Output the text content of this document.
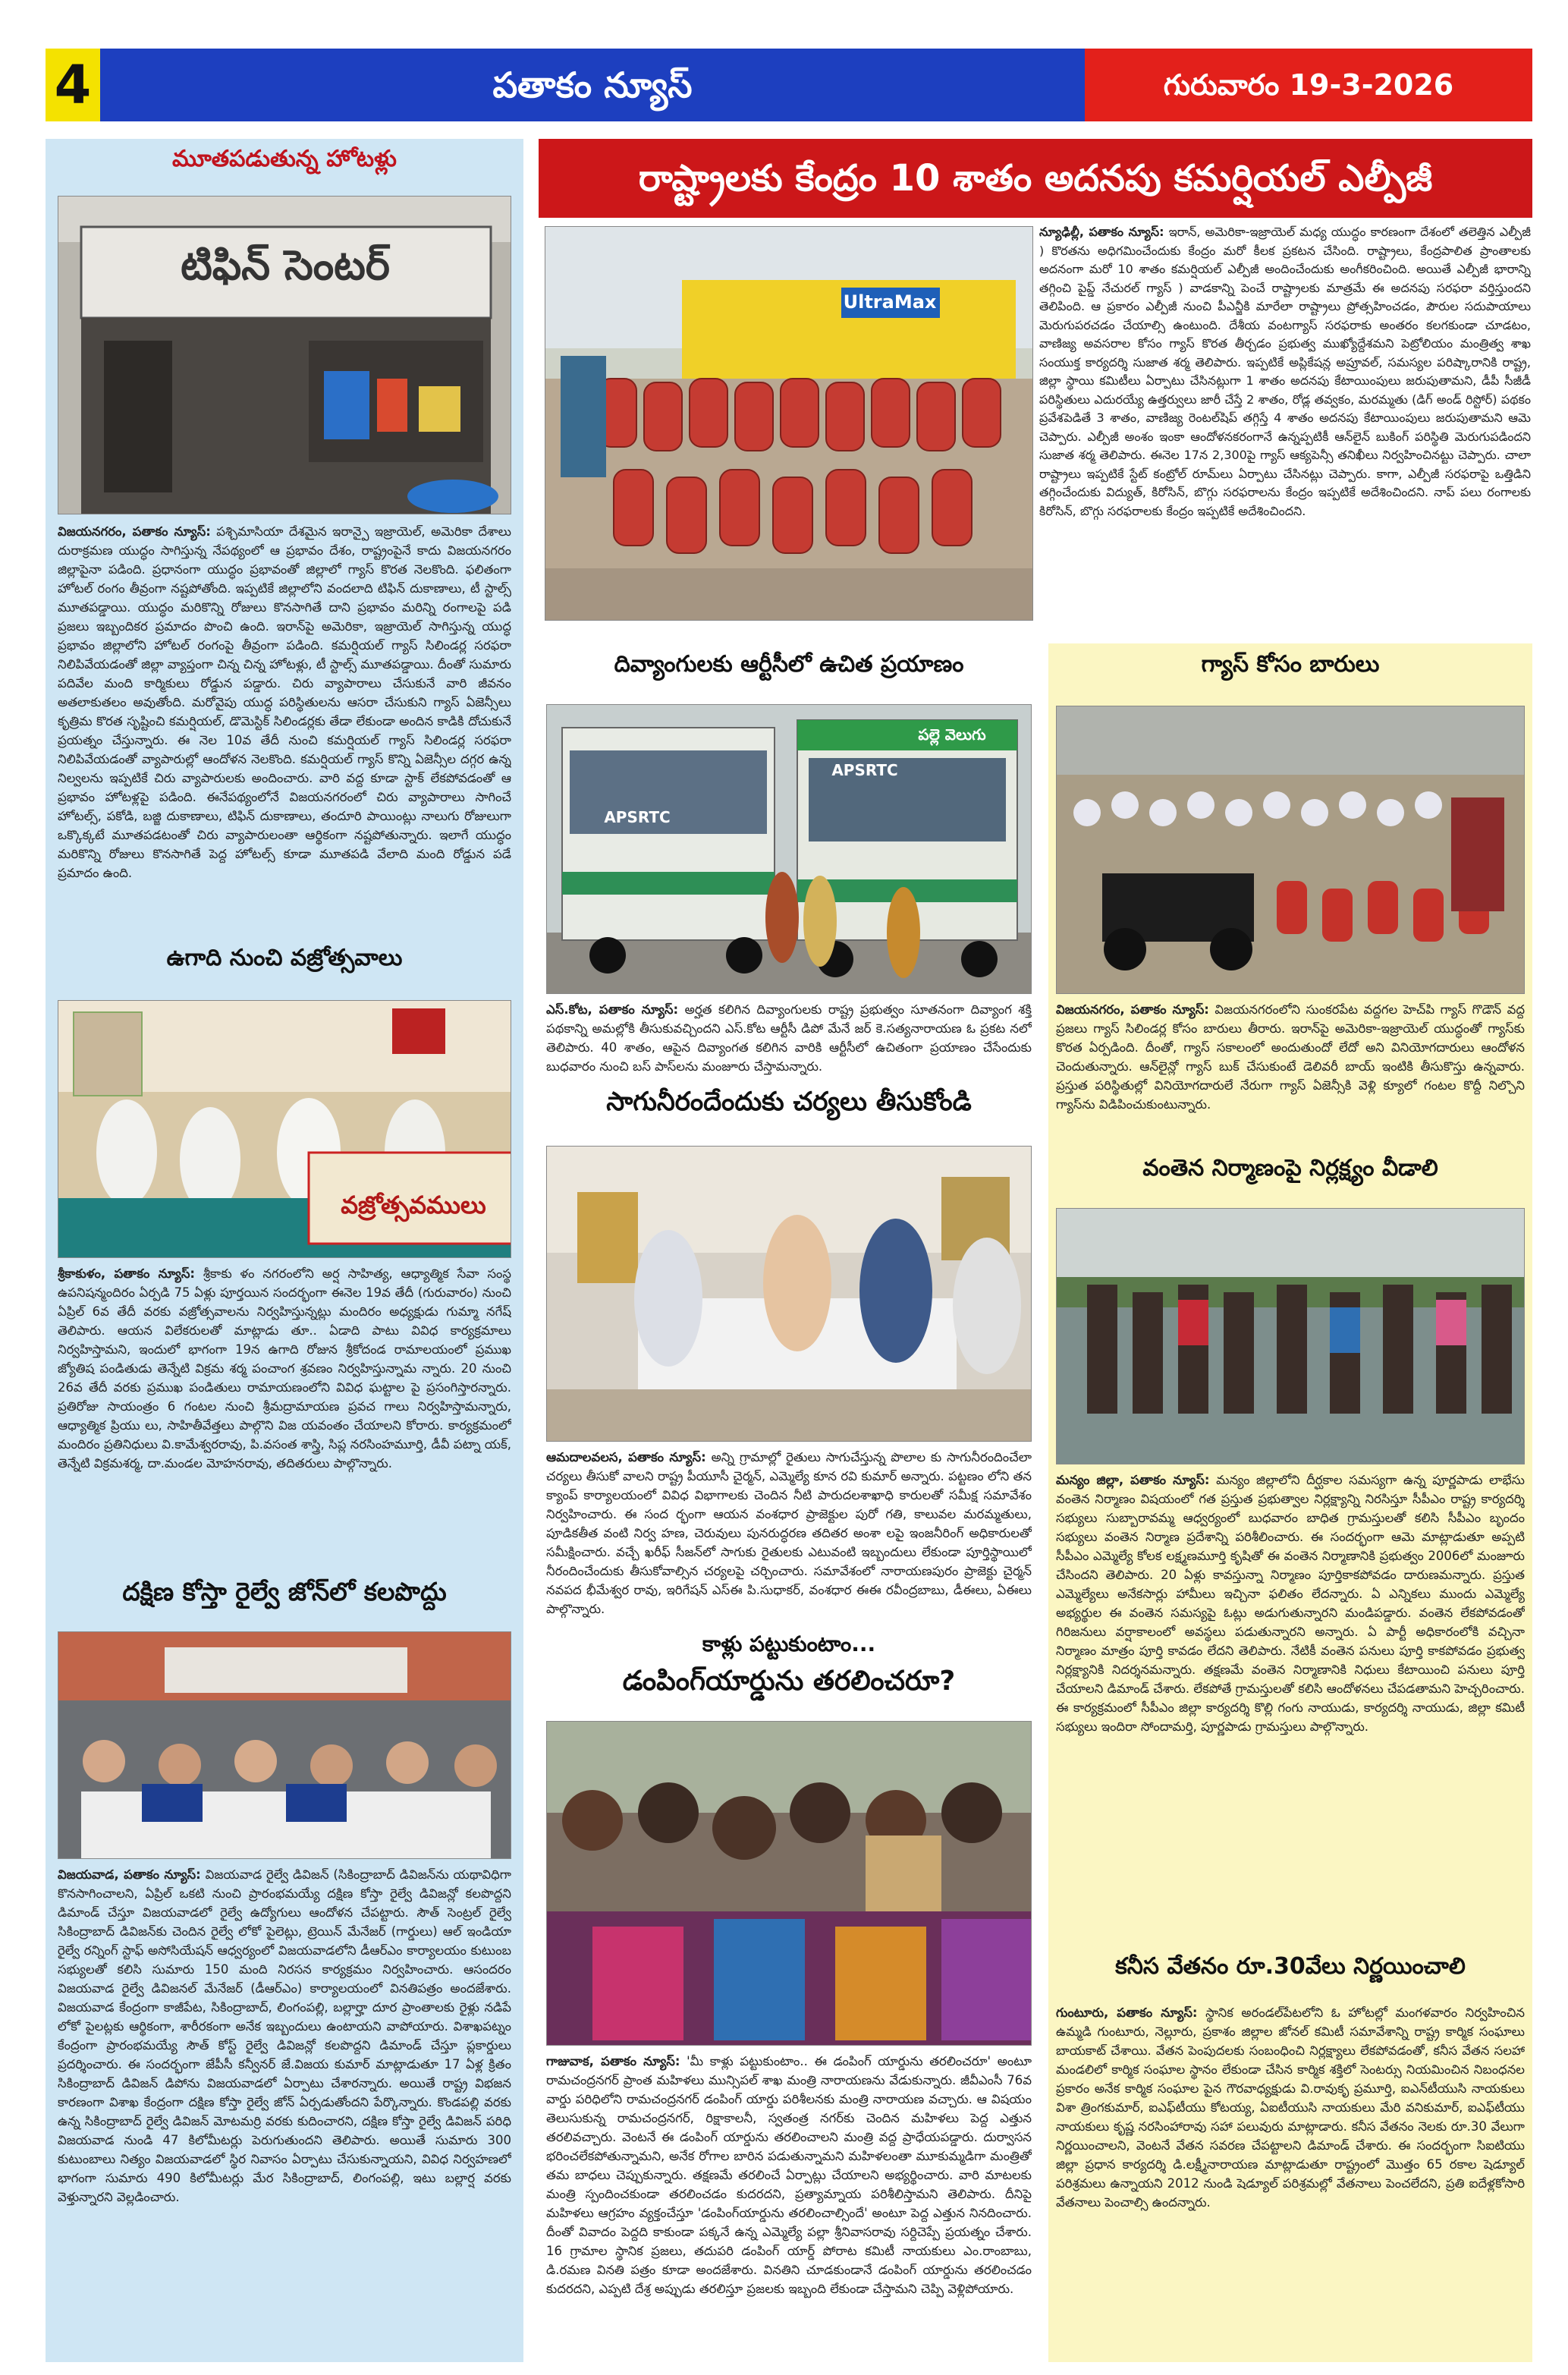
4	పతాకం న్యూస్	గురువారం 19-3-2026
మూతపడుతున్న హోటళ్లు
టిఫిన్ సెంటర్
విజయనగరం, పతాకం న్యూస్: పశ్చిమాసియా దేశమైన ఇరాన్పై ఇజ్రాయెల్, అమెరికా దేశాలు దురాక్రమణ యుద్ధం సాగిస్తున్న నేపథ్యంలో ఆ ప్రభావం దేశం, రాష్ట్రంపైనే కాదు విజయనగరం జిల్లాపైనా పడింది. ప్రధానంగా యుద్ధం ప్రభావంతో జిల్లాలో గ్యాస్ కొరత నెలకొంది. ఫలితంగా హోటల్ రంగం తీవ్రంగా నష్టపోతోంది. ఇప్పటికే జిల్లాలోని వందలాది టిఫిన్ దుకాణాలు, టీ స్టాల్స్ మూతపడ్డాయి. యుద్ధం మరికొన్ని రోజులు కొనసాగితే దాని ప్రభావం మరిన్ని రంగాలపై పడి ప్రజలు ఇబ్బందికర ప్రమాదం పొంచి ఉంది. ఇరాన్‌పై అమెరికా, ఇజ్రాయెల్ సాగిస్తున్న యుద్ధ ప్రభావం జిల్లాలోని హోటల్ రంగంపై తీవ్రంగా పడింది. కమర్షియల్ గ్యాస్ సిలిండర్ల సరఫరా నిలిపివేయడంతో జిల్లా వ్యాప్తంగా చిన్న చిన్న హోటళ్లు, టీ స్టాల్స్ మూతపడ్డాయి. దీంతో సుమారు పదివేల మంది కార్మికులు రోడ్డున పడ్డారు. చిరు వ్యాపారాలు చేసుకునే వారి జీవనం అతలాకుతలం అవుతోంది. మరోవైపు యుద్ధ పరిస్థితులను ఆసరా చేసుకుని గ్యాస్ ఏజెన్సీలు కృత్రిమ కొరత సృష్టించి కమర్షియల్, డొమెస్టిక్ సిలిండర్లకు తేడా లేకుండా అందిన కాడికి దోచుకునే ప్రయత్నం చేస్తున్నారు. ఈ నెల 10వ తేదీ నుంచి కమర్షియల్ గ్యాస్ సిలిండర్ల సరఫరా నిలిపివేయడంతో వ్యాపారుల్లో ఆందోళన నెలకొంది. కమర్షియల్ గ్యాస్ కొన్ని ఏజెన్సీల దగ్గర ఉన్న నిల్వలను ఇప్పటికే చిరు వ్యాపారులకు అందించారు. వారి వద్ద కూడా స్టాక్ లేకపోవడంతో ఆ ప్రభావం హోటళ్లపై పడింది. ఈనేపథ్యంలోనే విజయనగరంలో చిరు వ్యాపారాలు సాగించే హోటల్స్, పకోడి, బజ్జి దుకాణాలు, టిఫిన్ దుకాణాలు, తందూరి పాయింట్లు నాలుగు రోజులుగా ఒక్కొక్కటే మూతపడటంతో చిరు వ్యాపారులంతా ఆర్థికంగా నష్టపోతున్నారు. ఇలాగే యుద్ధం మరికొన్ని రోజులు కొనసాగితే పెద్ద హోటల్స్ కూడా మూతపడి వేలాది మంది రోడ్డున పడే ప్రమాదం ఉంది.
ఉగాది నుంచి వజ్రోత్సవాలు
వజ్రోత్సవములు
శ్రీకాకుళం, పతాకం న్యూస్: శ్రీకాకు ళం నగరంలోని అర్ష సాహిత్య, ఆధ్యాత్మిక సేవా సంస్థ ఉపనిషన్మందిరం ఏర్పడి 75 ఏళ్లు పూర్తయిన సందర్భంగా ఈనెల 19వ తేదీ (గురువారం) నుంచి ఏప్రిల్ 6వ తేదీ వరకు వజ్రోత్సవాలను నిర్వహిస్తున్నట్లు మందిరం అధ్యక్షుడు గుమ్మా నగేష్ తెలిపారు. ఆయన విలేకరులతో మాట్లాడు తూ.. ఏడాది పాటు వివిధ కార్యక్రమాలు నిర్వహిస్తామని, ఇందులో భాగంగా 19న ఉగాది రోజున శ్రీకోదండ రామాలయంలో ప్రముఖ జ్యోతిష పండితుడు తెన్నేటి విక్రమ శర్మ పంచాంగ శ్రవణం నిర్వహిస్తున్నామ న్నారు. 20 నుంచి 26వ తేదీ వరకు ప్రముఖ పండితులు రామాయణంలోని వివిధ ఘట్టాల పై ప్రసంగిస్తారన్నారు. ప్రతిరోజు సాయంత్రం 6 గంటల నుంచి శ్రీమద్రామాయణ ప్రవచ గాలు నిర్వహిస్తామన్నారు, ఆధ్యాత్మిక ప్రియు లు, సాహితీవేత్తలు పాల్గొని విజ యవంతం చేయాలని కోరారు. కార్యక్రమంలో మందిరం ప్రతినిధులు వి.కామేశ్వరరావు, పి.వసంత శాస్త్రి, సిప్ల నరసింహమూర్తి, డీవీ పట్నా యక్, తెన్నేటి విక్రమశర్మ, దా.మండల మోహనరావు, తదితరులు పాల్గొన్నారు.
దక్షిణ కోస్తా రైల్వే జోన్‌లో కలపొద్దు
విజయవాడ, పతాకం న్యూస్: విజయవాడ రైల్వే డివిజన్ (సికింద్రాబాద్ డివిజన్‌ను యథావిధిగా కొనసాగించాలని, ఏప్రిల్ ఒకటి నుంచి ప్రారంభమయ్యే దక్షిణ కోస్తా రైల్వే డివిజన్లో కలపొద్దని డిమాండ్ చేస్తూ విజయవాడలో రైల్వే ఉద్యోగులు ఆందోళన చేపట్టారు. సౌత్ సెంట్రల్ రైల్వే సికింద్రాబాద్ డివిజన్‌కు చెందిన రైల్వే లోకో పైలెట్లు, ట్రెయిన్ మేనేజర్ (గార్డులు) ఆల్ ఇండియా రైల్వే రన్నింగ్ స్టాఫ్ అసోసియేషన్ ఆధ్వర్యంలో విజయవాడలోని డీఆర్ఎం కార్యాలయం కుటుంబ సభ్యులతో కలిసి సుమారు 150 మంది నిరసన కార్యక్రమం నిర్వహించారు. ఆసందరం విజయవాడ రైల్వే డివిజనల్ మేనేజర్ (డీఆర్ఎం) కార్యాలయంలో వినతిపత్రం అందజేశారు. విజయవాడ కేంద్రంగా కాజీపేట, సికింద్రాబాద్, లింగంపల్లి, బల్లార్హా దూర ప్రాంతాలకు రైళ్లు నడిపే లోకో పైలట్లకు ఆర్థికంగా, శారీరకంగా అనేక ఇబ్బందులు ఉంటాయని వాపోయారు. విశాఖపట్నం కేంద్రంగా ప్రారంభమయ్యే సౌత్ కోస్ట్ రైల్వే డివిజన్లో కలపొద్దని డిమాండ్ చేస్తూ ప్లకార్డులు ప్రదర్శించారు. ఈ సందర్భంగా జేపీసీ కన్వీనర్ జే.విజయ కుమార్ మాట్లాడుతూ 17 ఏళ్ల క్రితం సికింద్రాబాద్ డివిజన్ డిపోను విజయవాడలో ఏర్పాటు చేశారన్నారు. అయితే రాష్ట్ర విభజన కారణంగా విశాఖ కేంద్రంగా దక్షిణ కోస్తా రైల్వే జోన్ ఏర్పడుతోందని పేర్కొన్నారు. కొండపల్లి వరకు ఉన్న సికింద్రాబాద్ రైల్వే డివిజన్ మోటమర్రి వరకు కుదించారని, దక్షిణ కోస్తా రైల్వే డివిజన్ పరిధి విజయవాడ నుండి 47 కిలోమీటర్లు పెరుగుతుందని తెలిపారు. అయితే సుమారు 300 కుటుంబాలు నిత్యం విజయవాడలో స్థిర నివాసం ఏర్పాటు చేసుకున్నాయని, వివిధ నిర్వహణలో భాగంగా సుమారు 490 కిలోమీటర్లు మేర సికింద్రాబాద్, లింగంపల్లి, ఇటు బల్లార్ష వరకు వెళ్తున్నారని వెల్లడించారు.
రాష్ట్రాలకు కేంద్రం 10 శాతం అదనపు కమర్షియల్ ఎల్పీజీ
UltraMax
న్యూఢిల్లీ, పతాకం న్యూస్: ఇరాన్, అమెరికా-ఇజ్రాయెల్ మధ్య యుద్ధం కారణంగా దేశంలో తలెత్తిన ఎల్పీజీ ) కొరతను అధిగమించేందుకు కేంద్రం మరో కీలక ప్రకటన చేసింది. రాష్ట్రాలు, కేంద్రపాలిత ప్రాంతాలకు అదనంగా మరో 10 శాతం కమర్షియల్ ఎల్పీజీ అందించేందుకు అంగీకరించింది. అయితే ఎల్పీజీ భారాన్ని తగ్గించి పైప్డ్ నేచురల్ గ్యాస్ ) వాడకాన్ని పెంచే రాష్ట్రాలకు మాత్రమే ఈ అదనపు సరఫరా వర్తిస్తుందని తెలిపింది. ఆ ప్రకారం ఎల్పీజీ నుంచి పీఎన్జీకి మారేలా రాష్ట్రాలు ప్రోత్సహించడం, పౌరుల సదుపాయాలు మెరుగుపరచడం చేయాల్సి ఉంటుంది. దేశీయ వంటగ్యాస్ సరఫరాకు అంతరం కలగకుండా చూడటం, వాణిజ్య అవసరాల కోసం గ్యాస్ కొరత తీర్చడం ప్రభుత్వ ముఖ్యోద్దేశమని పెట్రోలియం మంత్రిత్వ శాఖ సంయుక్త కార్యదర్శి సుజాత శర్మ తెలిపారు. ఇప్పటికే అప్లికేషన్ల అప్రూవల్, సమస్యల పరిష్కారానికి రాష్ట్ర, జిల్లా స్థాయి కమిటీలు ఏర్పాటు చేసినట్లుగా 1 శాతం అదనపు కేటాయింపులు జరుపుతామని, డీపీ సీజీడీ పరిస్థితులు ఎదురయ్యే ఉత్తర్వులు జారీ చేస్తే 2 శాతం, రోడ్ల తవ్వకం, మరమ్మతు (డిగ్ అండ్ రిస్టోర్) పథకం ప్రవేశపెడితే 3 శాతం, వాణిజ్య రెంటల్‌షిప్ తగ్గిస్తే 4 శాతం అదనపు కేటాయింపులు జరుపుతామని ఆమె చెప్పారు. ఎల్పీజీ అంశం ఇంకా ఆందోళనకరంగానే ఉన్నప్పటికీ ఆన్‌లైన్ బుకింగ్ పరిస్థితి మెరుగుపడిందని సుజాత శర్మ తెలిపారు. ఈనెల 17న 2,300పై గ్యాస్ ఆక్యపెన్సీ తనిఖీలు నిర్వహించినట్టు చెప్పారు. చాలా రాష్ట్రాలు ఇప్పటికే స్టేట్ కంట్రోల్ రూమ్‌లు ఏర్పాటు చేసినట్లు చెప్పారు. కాగా, ఎల్పీజీ సరఫరాపై ఒత్తిడిని తగ్గించేందుకు విద్యుత్, కిరోసిన్, బొగ్గు సరఫరాలను కేంద్రం ఇప్పటికే అదేశించిందని. నాప్ పలు రంగాలకు కిరోసిన్, బొగ్గు సరఫరాలకు కేంద్రం ఇప్పటికే అదేశించిందని.
దివ్యాంగులకు ఆర్టీసీలో ఉచిత ప్రయాణం
APSRTC
APSRTC
పల్లె వెలుగు
ఎస్.కోట, పతాకం న్యూస్: అర్హత కలిగిన దివ్యాంగులకు రాష్ట్ర ప్రభుత్వం సూతనంగా దివ్యాంగ శక్తి పథకాన్ని అమల్లోకి తీసుకువచ్చిందని ఎస్.కోట ఆర్టీసీ డిపో మేనే జర్ కె.సత్యనారాయణ ఓ ప్రకట నలో తెలిపారు. 40 శాతం, ఆపైన దివ్యాంగత కలిగిన వారికి ఆర్టీసీలో ఉచితంగా ప్రయాణం చేసేందుకు బుధవారం నుంచి బస్ పాస్‌లను మంజూరు చేస్తామన్నారు.
సాగునీరందేందుకు చర్యలు తీసుకోండి
ఆమదాలవలస, పతాకం న్యూస్: అన్ని గ్రామాల్లో రైతులు సాగుచేస్తున్న పొలాల కు సాగునీరందించేలా చర్యలు తీసుకో వాలని రాష్ట్ర పీయూసీ చైర్మన్, ఎమ్మెల్యే కూన రవి కుమార్ అన్నారు. పట్టణం లోని తన క్యాంప్ కార్యాలయంలో వివిధ విభాగాలకు చెందిన నీటి పారుదలశాఖాధి కారులతో సమీక్ష సమావేశం నిర్వహించారు. ఈ సంద ర్భంగా ఆయన వంశధార ప్రాజెక్టుల పురో గతి, కాలువల మరమ్మతులు, పూడికతీత వంటి నిర్వ హణ, చెరువులు పునరుద్ధరణ తదితర అంశా లపై ఇంజనీరింగ్ అధికారులతో సమీక్షించారు. వచ్చే ఖరీఫ్ సీజన్‌లో సాగుకు రైతులకు ఎటువంటి ఇబ్బందులు లేకుండా పూర్తిస్థాయిలో నీరందించేందుకు తీసుకోవాల్సిన చర్యలపై చర్చించారు. సమావేశంలో నారాయణపురం ప్రాజెక్టు చైర్మన్ నవపద భీమేశ్వర రావు, ఇరిగేషన్ ఎస్ఈ పి.సుధాకర్, వంశధార ఈఈ రవీంద్రబాబు, డీఈలు, ఏఈలు పాల్గొన్నారు.
కాళ్లు పట్టుకుంటాం...
డంపింగ్‌యార్డును తరలించరూ?
గాజువాక, పతాకం న్యూస్: 'మీ కాళ్లు పట్టుకుంటాం.. ఈ డంపింగ్ యార్డును తరలించరూ' అంటూ రామచంద్రనగర్ ప్రాంత మహిళలు మున్సిపల్ శాఖ మంత్రి నారాయణను వేడుకున్నారు. జీవీఎంసీ 76వ వార్డు పరిధిలోని రామచంద్రనగర్ డంపింగ్ యార్డు పరిశీలనకు మంత్రి నారాయణ వచ్చారు. ఆ విషయం తెలుసుకున్న రామచంద్రనగర్, రిక్షాకాలనీ, స్వతంత్ర నగర్‌కు చెందిన మహిళలు పెద్ద ఎత్తున తరలివచ్చారు. వెంటనే ఈ డంపింగ్ యార్డును తరలించాలని మంత్రి వద్ద ప్రాధేయపడ్డారు. దుర్వాసన భరించలేకపోతున్నామని, అనేక రోగాల బారిన పడుతున్నామని మహిళలంతా మూకుమ్మడిగా మంత్రితో తమ బాధలు చెప్పుకున్నారు. తక్షణమే తరలించే ఏర్పాట్లు చేయాలని అభ్యర్థించారు. వారి మాటలకు మంత్రి స్పందించకుండా తరలించడం కుదరదని, ప్రత్యామ్నాయ పరిశీలిస్తామని తెలిపారు. దీనిపై మహిళలు ఆగ్రహం వ్యక్తంచేస్తూ 'డంపింగ్‌యార్డును తరలించాల్సిందే' అంటూ పెద్ద ఎత్తున నినదించారు. దీంతో వివాదం పెద్దది కాకుండా పక్కనే ఉన్న ఎమ్మెల్యే పల్లా శ్రీనివాసరావు సర్దిచెప్పే ప్రయత్నం చేశారు. 16 గ్రామాల స్థానిక ప్రజలు, తదుపరి డంపింగ్ యార్డ్ పోరాట కమిటీ నాయకులు ఎం.రాంబాబు, డి.రమణ వినతి పత్రం కూడా అందజేశారు. వినతిని చూడకుండానే డంపింగ్ యార్డును తరలించడం కుదరదని, ఎప్పటి దేశ్ర అప్పుడు తరలిస్తూ ప్రజలకు ఇబ్బంది లేకుండా చేస్తామని చెప్పి వెళ్లిపోయారు.
గ్యాస్ కోసం బారులు
విజయనగరం, పతాకం న్యూస్: విజయనగరంలోని సుంకరపేట వద్దగల హెచ్‌పి గ్యాస్ గొడౌన్ వద్ద ప్రజలు గ్యాస్ సిలిండర్ల కోసం బారులు తీరారు. ఇరాన్‌పై అమెరికా-ఇజ్రాయెల్ యుద్ధంతో గ్యాస్‌కు కొరత ఏర్పడింది. దీంతో, గ్యాస్ సకాలంలో అందుతుందో లేదో అని వినియోగదారులు ఆందోళన చెందుతున్నారు. ఆన్‌లైన్లో గ్యాస్ బుక్ చేసుకుంటే డెలివరీ బాయ్ ఇంటికి తీసుకొస్తు ఉన్నవారు. ప్రస్తుత పరిస్థితుల్లో వినియోగదారులే నేరుగా గ్యాస్ ఏజెన్సీకి వెళ్లి క్యూలో గంటల కొద్దీ నిల్చొని గ్యాస్‌ను విడిపించుకుంటున్నారు.
వంతెన నిర్మాణంపై నిర్లక్ష్యం వీడాలి
మన్యం జిల్లా, పతాకం న్యూస్: మన్యం జిల్లాలోని దీర్ఘకాల సమస్యగా ఉన్న పూర్ణపాడు లాభేసు వంతెన నిర్మాణం విషయంలో గత ప్రస్తుత ప్రభుత్వాల నిర్లక్ష్యాన్ని నిరసిస్తూ సీపీఎం రాష్ట్ర కార్యదర్శి సభ్యులు సుబ్బారావమ్మ ఆధ్వర్యంలో బుధవారం బాధిత గ్రామస్తులతో కలిసి సీపీఎం బృందం సభ్యులు వంతెన నిర్మాణ ప్రదేశాన్ని పరిశీలించారు. ఈ సందర్భంగా ఆమె మాట్లాడుతూ అప్పటి సీపీఎం ఎమ్మెల్యే కోలక లక్ష్మణమూర్తి కృషితో ఈ వంతెన నిర్మాణానికి ప్రభుత్వం 2006లో మంజూరు చేసిందని తెలిపారు. 20 ఏళ్లు కావస్తున్నా నిర్మాణం పూర్తికాకపోవడం దారుణమన్నారు. ప్రస్తుత ఎమ్మెల్యేలు అనేకసార్లు హామీలు ఇచ్చినా ఫలితం లేదన్నారు. ఏ ఎన్నికలు ముందు ఎమ్మెల్యే అభ్యర్థుల ఈ వంతెన సమస్యపై ఓట్లు అడుగుతున్నారని మండిపడ్డారు. వంతెన లేకపోవడంతో గిరిజనులు వర్షాకాలంలో అవస్థలు పడుతున్నారని అన్నారు. ఏ పార్టీ అధికారంలోకి వచ్చినా నిర్మాణం మాత్రం పూర్తి కావడం లేదని తెలిపారు. నేటికీ వంతెన పనులు పూర్తి కాకపోవడం ప్రభుత్వ నిర్లక్ష్యానికి నిదర్శనమన్నారు. తక్షణమే వంతెన నిర్మాణానికి నిధులు కేటాయించి పనులు పూర్తి చేయాలని డిమాండ్ చేశారు. లేకపోతే గ్రామస్తులతో కలిసి ఆందోళనలు చేపడతామని హెచ్చరించారు. ఈ కార్యక్రమంలో సీపీఎం జిల్లా కార్యదర్శి కొల్లి గంగు నాయుడు, కార్యదర్శి నాయుడు, జిల్లా కమిటీ సభ్యులు ఇందిరా సోందామర్తి, పూర్ణపాడు గ్రామస్తులు పాల్గొన్నారు.
కనీస వేతనం రూ.30వేలు నిర్ణయించాలి
గుంటూరు, పతాకం న్యూస్: స్థానిక అరండల్‌పేటలోని ఓ హోటల్లో మంగళవారం నిర్వహించిన ఉమ్మడి గుంటూరు, నెల్లూరు, ప్రకాశం జిల్లాల జోనల్ కమిటీ సమావేశాన్ని రాష్ట్ర కార్మిక సంఘాలు బాయకాట్ చేశాయి. వేతన పెంపుదలకు సంబంధించి నిర్లక్ష్యాలు లేకపోవడంతో, కనీస వేతన సలహా మండలిలో కార్మిక సంఘాల స్థానం లేకుండా చేసిన కార్మిక శక్తిలో సెంటర్సు నియమించిన నిబంధనల ప్రకారం అనేక కార్మిక సంఘాల పైన గౌరవాధ్యక్షుడు వి.రావుకృ ప్రమూర్తి, ఐఎన్‌టీయుసి నాయకులు విశా త్రింగకుమార్, ఐఎఫ్‌టీయు కోటయ్య, ఏఐటీయుసి నాయకులు మేరి వనికుమార్, ఐఎఫ్‌టీయు నాయకులు కృష్ణ నరసింహారావు సహా పలువురు మాట్లాడారు. కనీస వేతనం నెలకు రూ.30 వేలుగా నిర్ణయించాలని, వెంటనే వేతన సవరణ చేపట్టాలని డిమాండ్ చేశారు. ఈ సందర్భంగా సిఐటియు జిల్లా ప్రధాన కార్యదర్శి డి.లక్ష్మీనారాయణ మాట్లాడుతూ రాష్ట్రంలో మొత్తం 65 రకాల షెడ్యూల్ పరిశ్రమలు ఉన్నాయని 2012 నుండి షెడ్యూల్ పరిశ్రమల్లో వేతనాలు పెంచలేదని, ప్రతి ఐదేళ్లకోసారి వేతనాలు పెంచాల్సి ఉందన్నారు.
